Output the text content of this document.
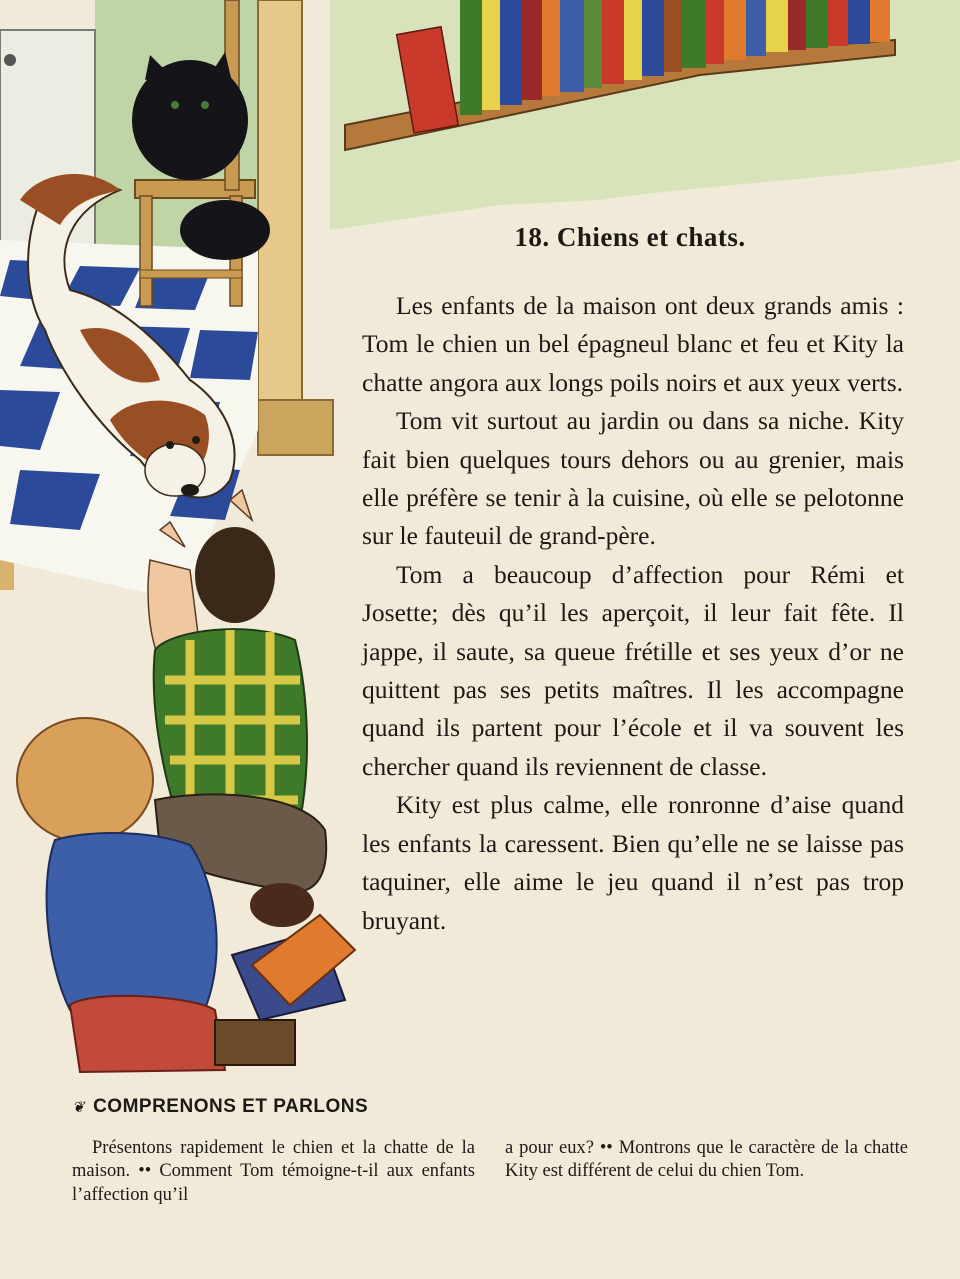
18. Chiens et chats.

Les enfants de la maison ont deux grands amis : Tom le chien un bel épagneul blanc et feu et Kity la chatte angora aux longs poils noirs et aux yeux verts.

Tom vit surtout au jardin ou dans sa niche. Kity fait bien quelques tours dehors ou au grenier, mais elle préfère se tenir à la cuisine, où elle se pelotonne sur le fauteuil de grand-père.

Tom a beaucoup d’affection pour Rémi et Josette; dès qu’il les aperçoit, il leur fait fête. Il jappe, il saute, sa queue frétille et ses yeux d’or ne quittent pas ses petits maîtres. Il les accompagne quand ils partent pour l’école et il va souvent les chercher quand ils reviennent de classe.

Kity est plus calme, elle ronronne d’aise quand les enfants la caressent. Bien qu’elle ne se laisse pas taquiner, elle aime le jeu quand il n’est pas trop bruyant.

❦ COMPRENONS ET PARLONS
Présentons rapidement le chien et la chatte de la maison. •• Comment Tom témoigne-t-il aux enfants l’affection qu’il
a pour eux? •• Montrons que le caractère de la chatte Kity est différent de celui du chien Tom.
